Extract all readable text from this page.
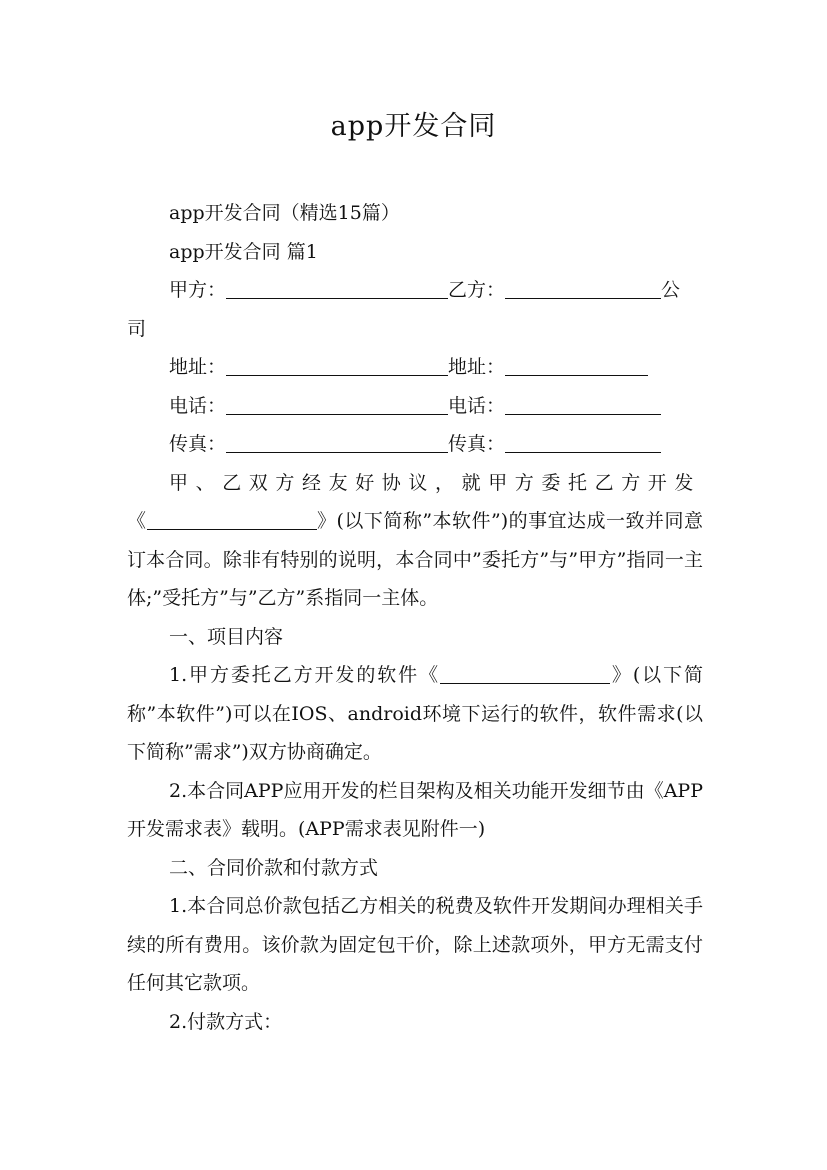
app开发合同

app开发合同（精选15篇）

app开发合同 篇1

甲方：	乙方：	公

司

地址：	地址：
电话：	电话：
传真：	传真：

甲、乙双方经友好协议，就甲方委托乙方开发

《	》(以下简称”本软件”)的事宜达成一致并同意订本合同。除非有特别的说明，本合同中”委托方”与”甲方”指同一主体;”受托方”与”乙方”系指同一主体。

一、项目内容

1.甲方委托乙方开发的软件《	》(以下简称”本软件”)可以在IOS、android环境下运行的软件，软件需求(以下简称”需求”)双方协商确定。

2.本合同APP应用开发的栏目架构及相关功能开发细节由《APP开发需求表》载明。(APP需求表见附件一)

二、合同价款和付款方式

1.本合同总价款包括乙方相关的税费及软件开发期间办理相关手续的所有费用。该价款为固定包干价，除上述款项外，甲方无需支付任何其它款项。

2.付款方式：
